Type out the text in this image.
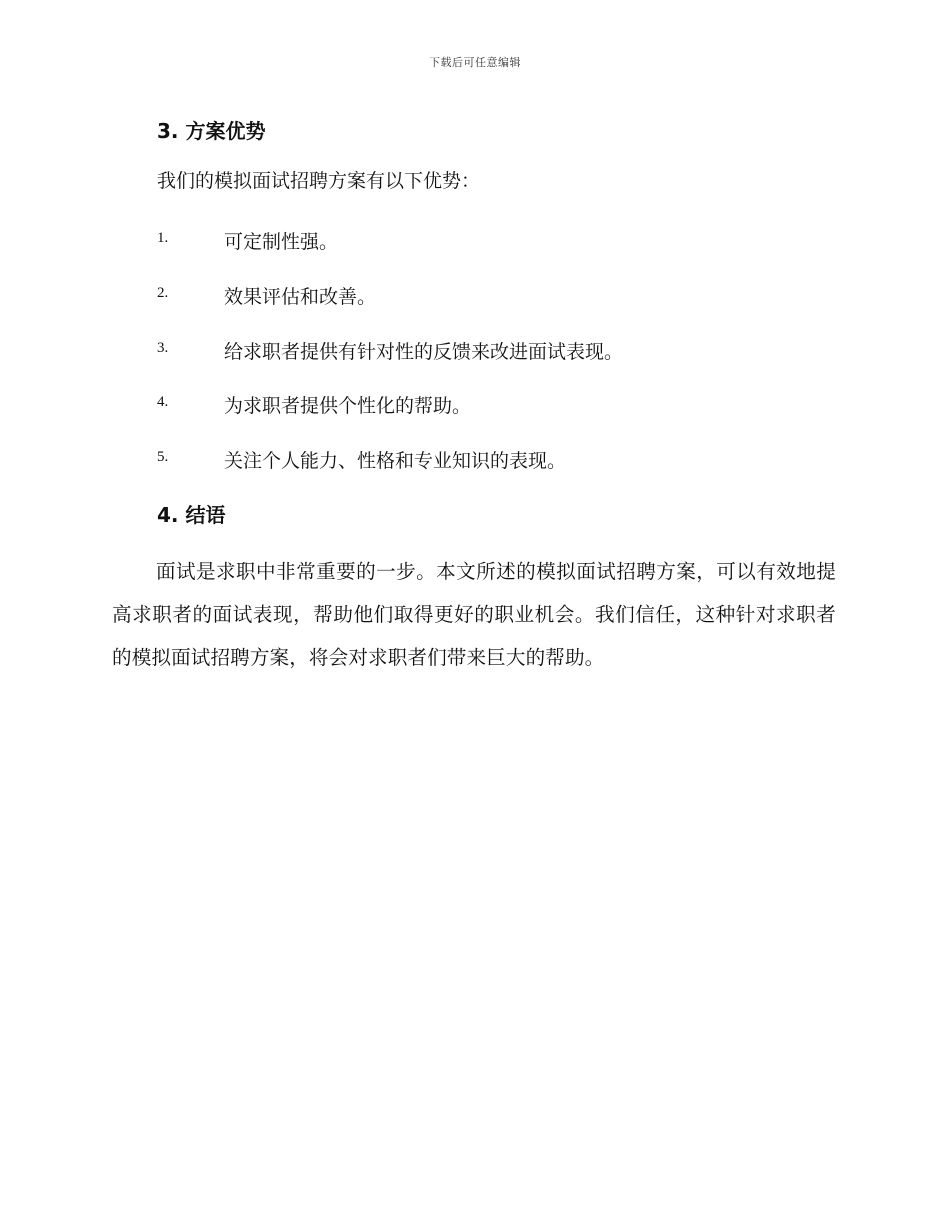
下载后可任意编辑
3. 方案优势
我们的模拟面试招聘方案有以下优势：
1.	可定制性强。
2.	效果评估和改善。
3.	给求职者提供有针对性的反馈来改进面试表现。
4.	为求职者提供个性化的帮助。
5.	关注个人能力、性格和专业知识的表现。
4. 结语
面试是求职中非常重要的一步。本文所述的模拟面试招聘方案，可以有效地提高求职者的面试表现，帮助他们取得更好的职业机会。我们信任，这种针对求职者的模拟面试招聘方案，将会对求职者们带来巨大的帮助。
